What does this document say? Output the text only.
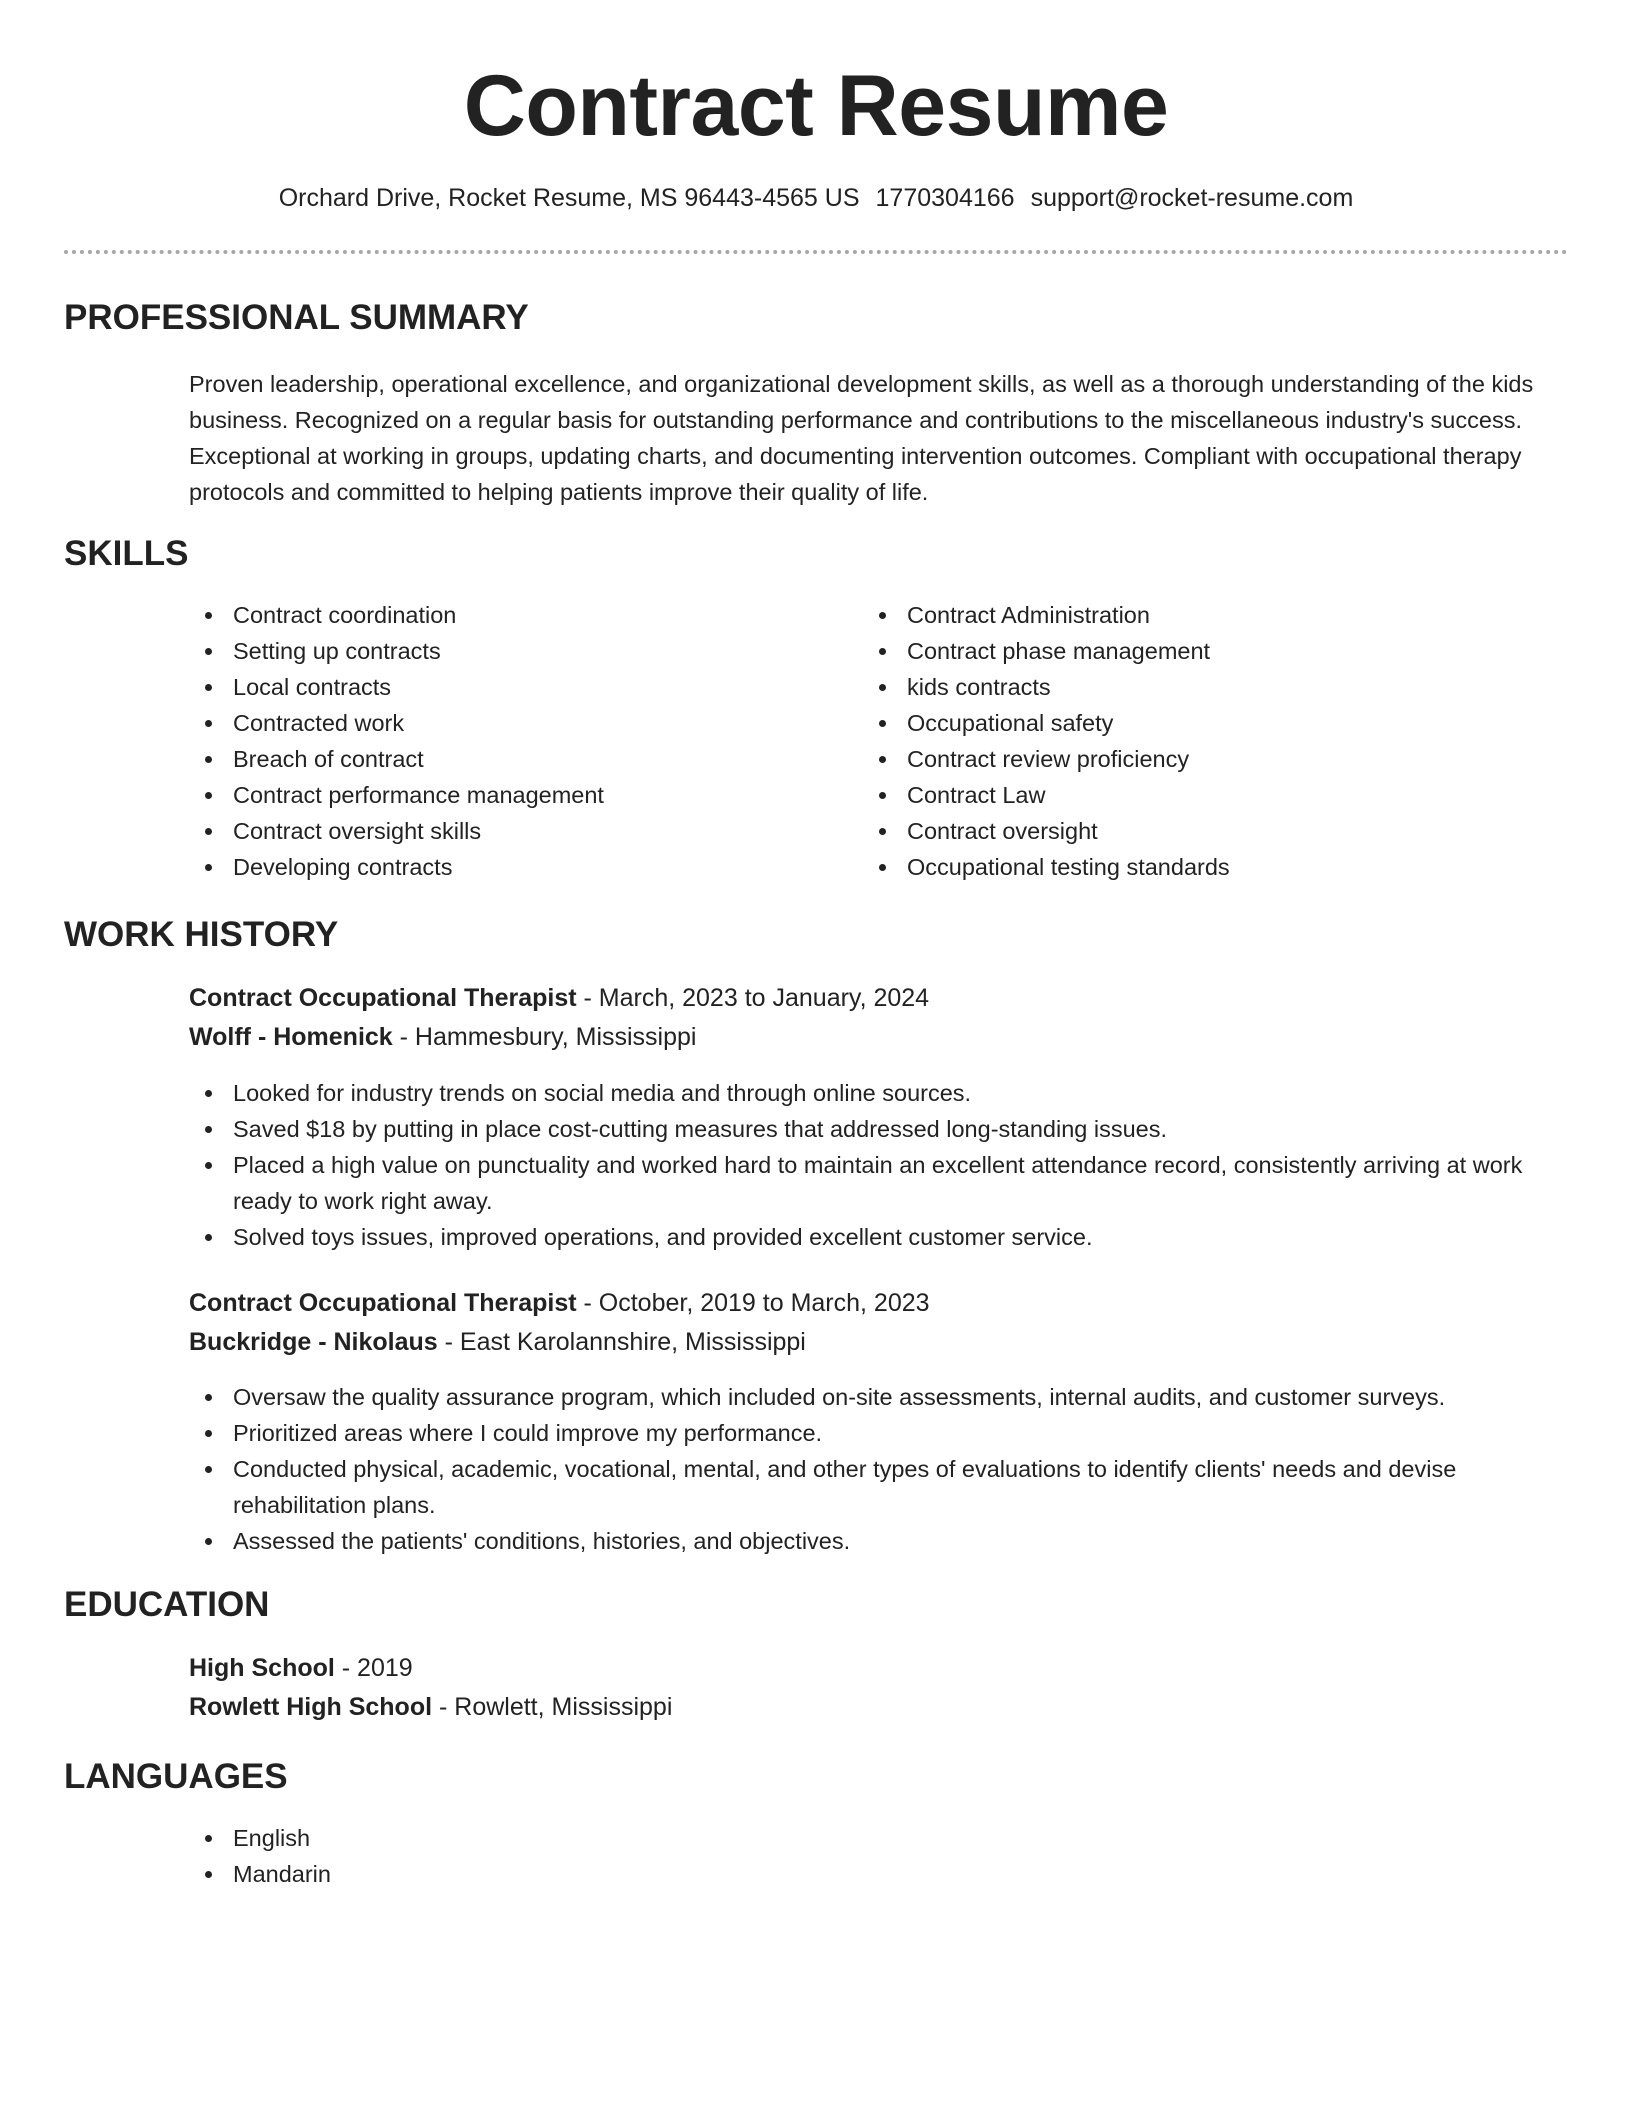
Contract Resume
Orchard Drive, Rocket Resume, MS 96443-4565 US 1770304166 support@rocket-resume.com
PROFESSIONAL SUMMARY

Proven leadership, operational excellence, and organizational development skills, as well as a thorough understanding of the kids business. Recognized on a regular basis for outstanding performance and contributions to the miscellaneous industry's success. Exceptional at working in groups, updating charts, and documenting intervention outcomes. Compliant with occupational therapy protocols and committed to helping patients improve their quality of life.

SKILLS
Contract coordination
Setting up contracts
Local contracts
Contracted work
Breach of contract
Contract performance management
Contract oversight skills
Developing contracts
Contract Administration
Contract phase management
kids contracts
Occupational safety
Contract review proficiency
Contract Law
Contract oversight
Occupational testing standards
WORK HISTORY
Contract Occupational Therapist - March, 2023 to January, 2024
Wolff - Homenick - Hammesbury, Mississippi
Looked for industry trends on social media and through online sources.
Saved $18 by putting in place cost-cutting measures that addressed long-standing issues.
Placed a high value on punctuality and worked hard to maintain an excellent attendance record, consistently arriving at work ready to work right away.
Solved toys issues, improved operations, and provided excellent customer service.
Contract Occupational Therapist - October, 2019 to March, 2023
Buckridge - Nikolaus - East Karolannshire, Mississippi
Oversaw the quality assurance program, which included on-site assessments, internal audits, and customer surveys.
Prioritized areas where I could improve my performance.
Conducted physical, academic, vocational, mental, and other types of evaluations to identify clients' needs and devise rehabilitation plans.
Assessed the patients' conditions, histories, and objectives.
EDUCATION
High School - 2019
Rowlett High School - Rowlett, Mississippi
LANGUAGES
English
Mandarin
